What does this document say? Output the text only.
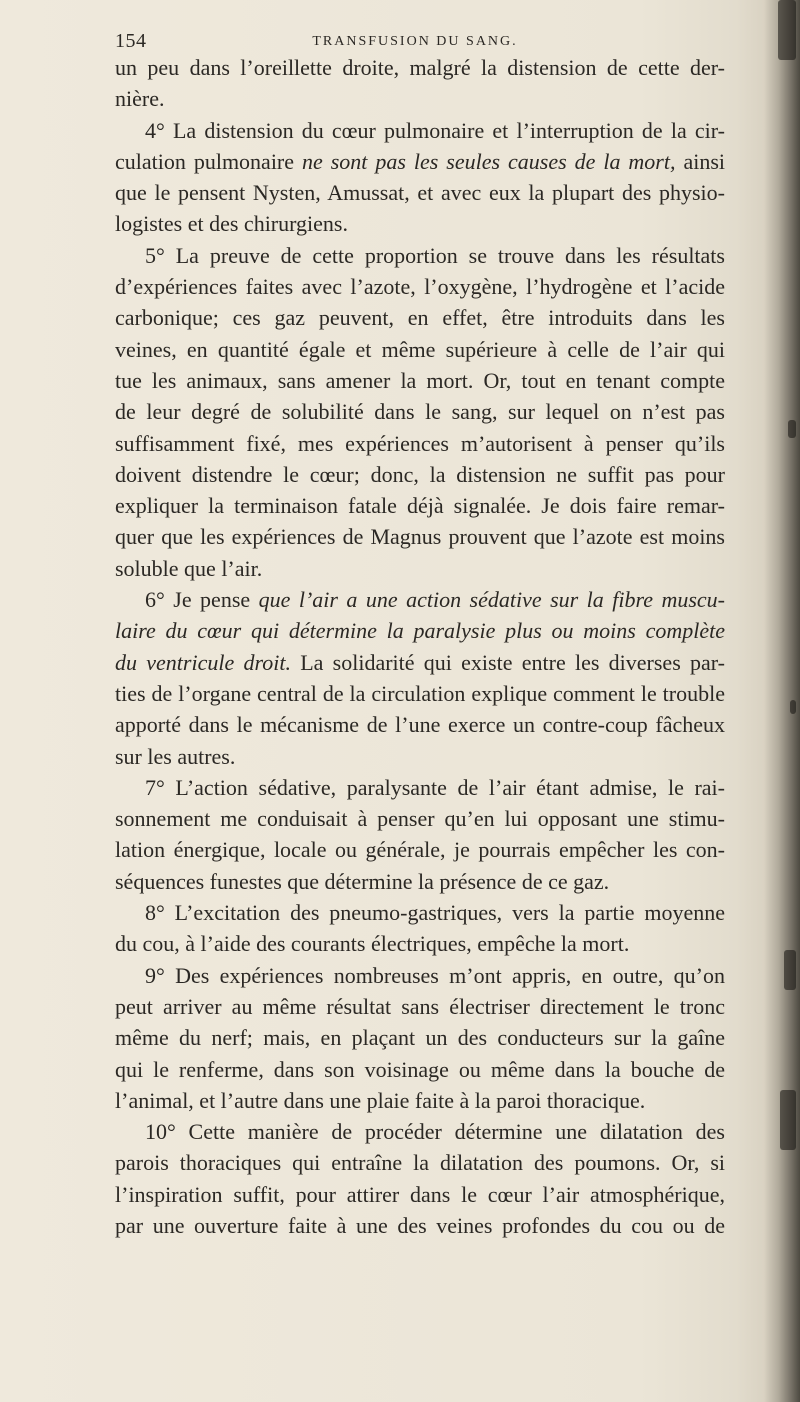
154	TRANSFUSION DU SANG.
un peu dans l’oreillette droite, malgré la distension de cette der-
nière.
4° La distension du cœur pulmonaire et l’interruption de la cir-
culation pulmonaire ne sont pas les seules causes de la mort, ainsi
que le pensent Nysten, Amussat, et avec eux la plupart des physio-
logistes et des chirurgiens.
5° La preuve de cette proportion se trouve dans les résultats
d’expériences faites avec l’azote, l’oxygène, l’hydrogène et l’acide
carbonique; ces gaz peuvent, en effet, être introduits dans les
veines, en quantité égale et même supérieure à celle de l’air qui
tue les animaux, sans amener la mort. Or, tout en tenant compte
de leur degré de solubilité dans le sang, sur lequel on n’est pas
suffisamment fixé, mes expériences m’autorisent à penser qu’ils
doivent distendre le cœur; donc, la distension ne suffit pas pour
expliquer la terminaison fatale déjà signalée. Je dois faire remar-
quer que les expériences de Magnus prouvent que l’azote est moins
soluble que l’air.
6° Je pense que l’air a une action sédative sur la fibre muscu-
laire du cœur qui détermine la paralysie plus ou moins complète
du ventricule droit. La solidarité qui existe entre les diverses par-
ties de l’organe central de la circulation explique comment le trouble
apporté dans le mécanisme de l’une exerce un contre-coup fâcheux
sur les autres.
7° L’action sédative, paralysante de l’air étant admise, le rai-
sonnement me conduisait à penser qu’en lui opposant une stimu-
lation énergique, locale ou générale, je pourrais empêcher les con-
séquences funestes que détermine la présence de ce gaz.
8° L’excitation des pneumo-gastriques, vers la partie moyenne
du cou, à l’aide des courants électriques, empêche la mort.
9° Des expériences nombreuses m’ont appris, en outre, qu’on
peut arriver au même résultat sans électriser directement le tronc
même du nerf; mais, en plaçant un des conducteurs sur la gaîne
qui le renferme, dans son voisinage ou même dans la bouche de
l’animal, et l’autre dans une plaie faite à la paroi thoracique.
10° Cette manière de procéder détermine une dilatation des
parois thoraciques qui entraîne la dilatation des poumons. Or, si
l’inspiration suffit, pour attirer dans le cœur l’air atmosphérique,
par une ouverture faite à une des veines profondes du cou ou de
